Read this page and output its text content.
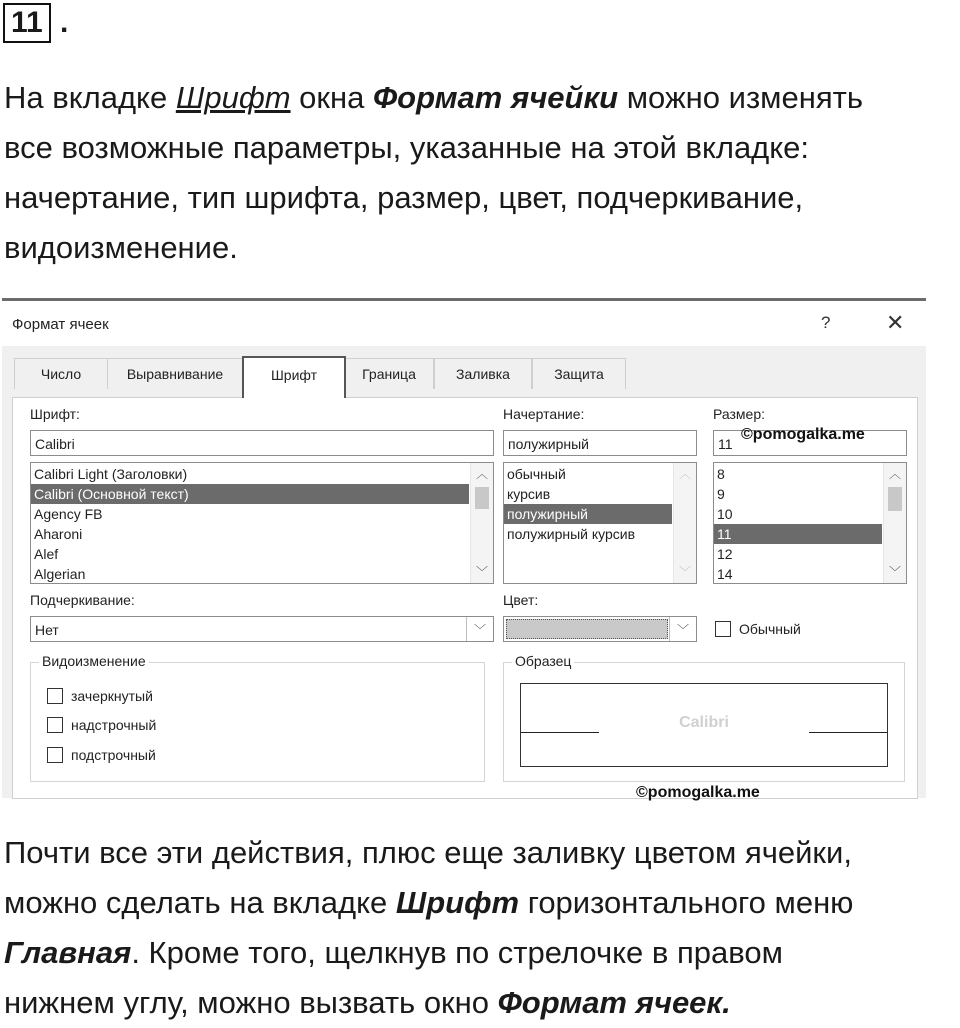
11 .
На вкладке Шрифт окна Формат ячейки можно изменять
все возможные параметры, указанные на этой вкладке:
начертание, тип шрифта, размер, цвет, подчеркивание,
видоизменение.
Формат ячеек	?	✕
Число	Выравнивание	Шрифт	Граница	Заливка	Защита
Шрифт:
Calibri
Calibri Light (Заголовки)
Calibri (Основной текст)
Agency FB
Aharoni
Alef
Algerian
︿
﹀
Начертание:
полужирный
обычный
курсив
полужирный
полужирный курсив
︿
﹀
Размер:
11
©pomogalka.me
8
9
10
11
12
14
︿
﹀
Подчеркивание:
Нет	﹀
Цвет:
﹀	Обычный
Видоизменение
зачеркнутый
надстрочный
подстрочный
Образец
Calibri
©pomogalka.me
Почти все эти действия, плюс еще заливку цветом ячейки,
можно сделать на вкладке Шрифт горизонтального меню
Главная. Кроме того, щелкнув по стрелочке в правом
нижнем углу, можно вызвать окно Формат ячеек.
